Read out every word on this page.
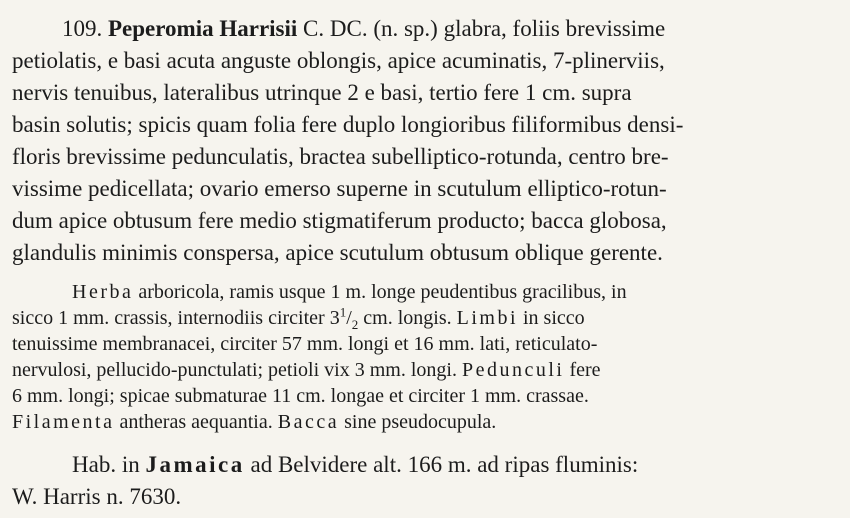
109. Peperomia Harrisii C. DC. (n. sp.) glabra, foliis brevissime
petiolatis, e basi acuta anguste oblongis, apice acuminatis, 7-plinerviis,
nervis tenuibus, lateralibus utrinque 2 e basi, tertio fere 1 cm. supra
basin solutis; spicis quam folia fere duplo longioribus filiformibus densi-
floris brevissime pedunculatis, bractea subelliptico-rotunda, centro bre-
vissime pedicellata; ovario emerso superne in scutulum elliptico-rotun-
dum apice obtusum fere medio stigmatiferum producto; bacca globosa,
glandulis minimis conspersa, apice scutulum obtusum oblique gerente.
Herba arboricola, ramis usque 1 m. longe peudentibus gracilibus, in
sicco 1 mm. crassis, internodiis circiter $3^1/_2$ cm. longis. Limbi in sicco
tenuissime membranacei, circiter 57 mm. longi et 16 mm. lati, reticulato-
nervulosi, pellucido-punctulati; petioli vix 3 mm. longi. Pedunculi fere
6 mm. longi; spicae submaturae 11 cm. longae et circiter 1 mm. crassae.
Filamenta antheras aequantia. Bacca sine pseudocupula.
Hab. in Jamaica ad Belvidere alt. 166 m. ad ripas fluminis:
W. Harris n. 7630.
